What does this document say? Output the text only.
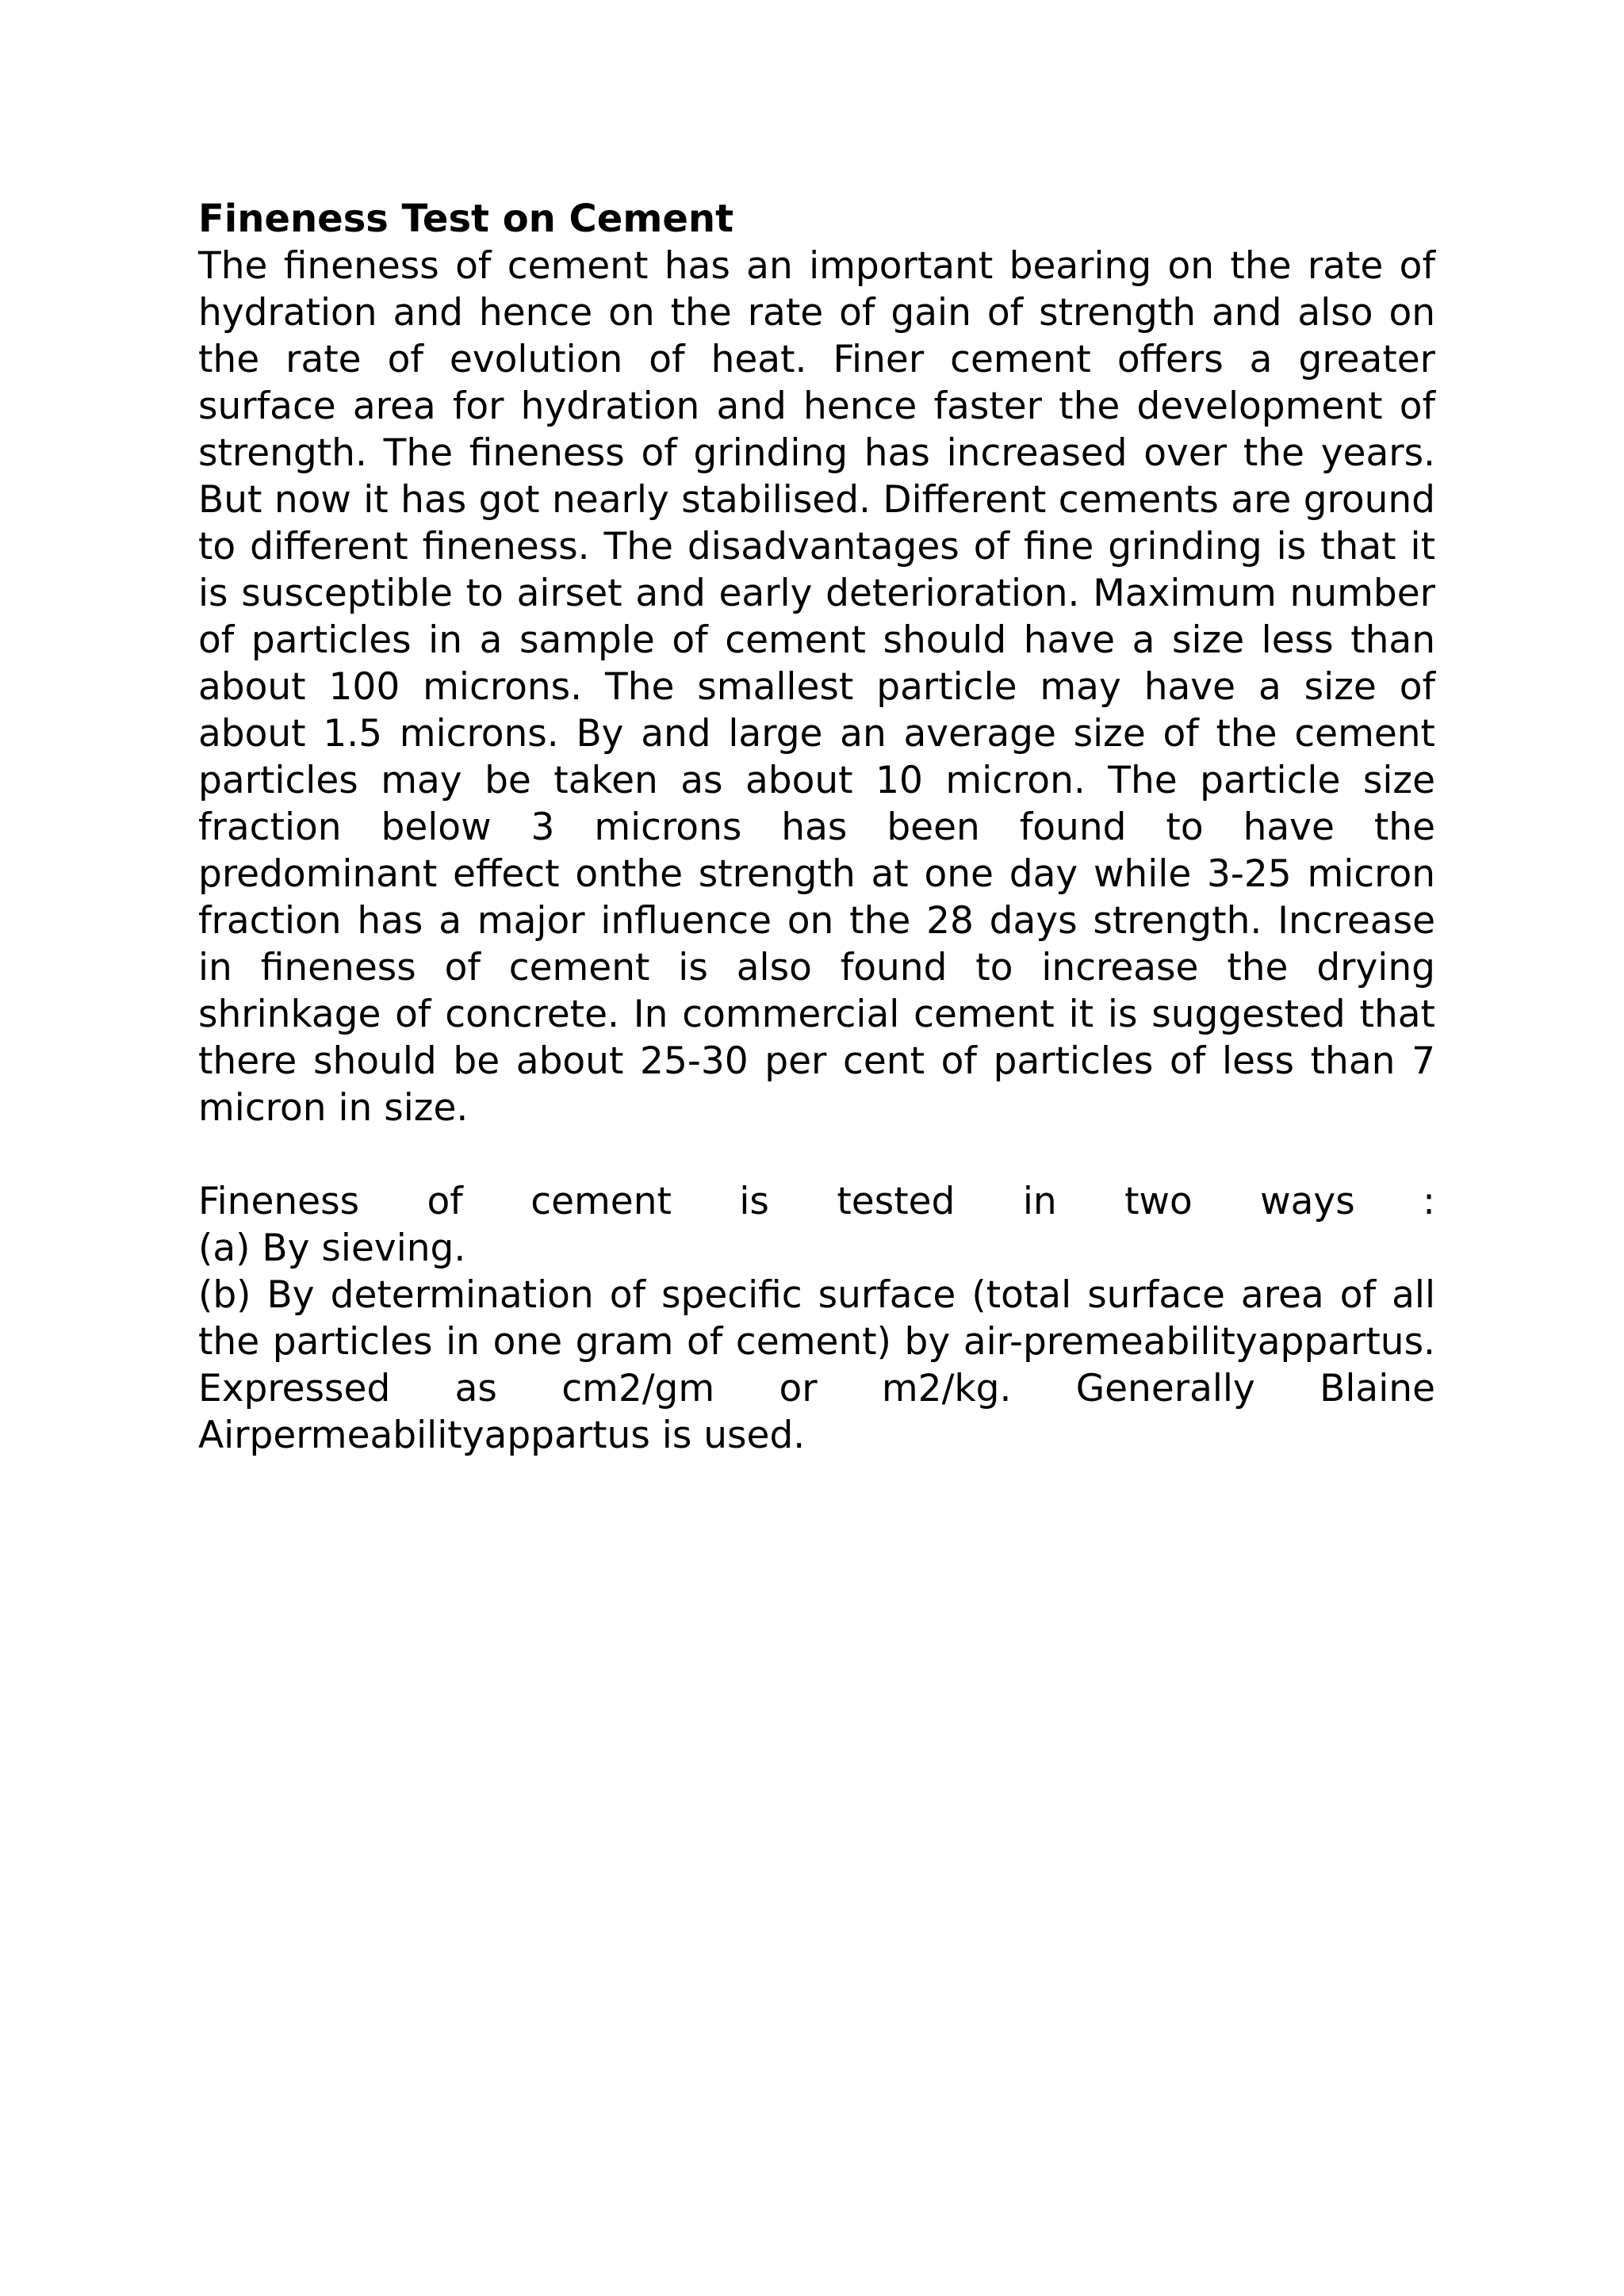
Fineness Test on Cement

The fineness of cement has an important bearing on the rate of hydration and hence on the rate of gain of strength and also on the rate of evolution of heat. Finer cement offers a greater surface area for hydration and hence faster the development of strength. The fineness of grinding has increased over the years. But now it has got nearly stabilised. Different cements are ground to different fineness. The disadvantages of fine grinding is that it is susceptible to airset and early deterioration. Maximum number of particles in a sample of cement should have a size less than about 100 microns. The smallest particle may have a size of about 1.5 microns. By and large an average size of the cement particles may be taken as about 10 micron. The particle size fraction below 3 microns has been found to have the predominant effect onthe strength at one day while 3-25 micron fraction has a major influence on the 28 days strength. Increase in fineness of cement is also found to increase the drying shrinkage of concrete. In commercial cement it is suggested that there should be about 25-30 per cent of particles of less than 7 micron in size.

Fineness of cement is tested in two ways :

(a) By sieving.

(b) By determination of specific surface (total surface area of all the particles in one gram of cement) by air-premeabilityappartus. Expressed as cm2/gm or m2/kg. Generally Blaine Airpermeabilityappartus is used.
